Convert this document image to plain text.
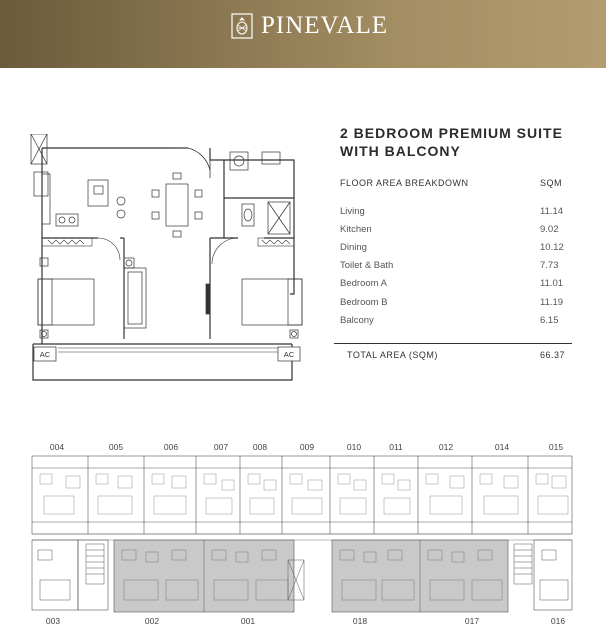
PINEVALE
AC	AC
2 BEDROOM PREMIUM SUITE
WITH BALCONY
FLOOR AREA BREAKDOWN	SQM
Living	11.14
Kitchen	9.02
Dining	10.12
Toilet & Bath	7.73
Bedroom A	11.01
Bedroom B	11.19
Balcony	6.15
TOTAL AREA (SQM)	66.37
004	005	006	007	008	009	010	011	012	014	015
003	002	001	018	017	016
